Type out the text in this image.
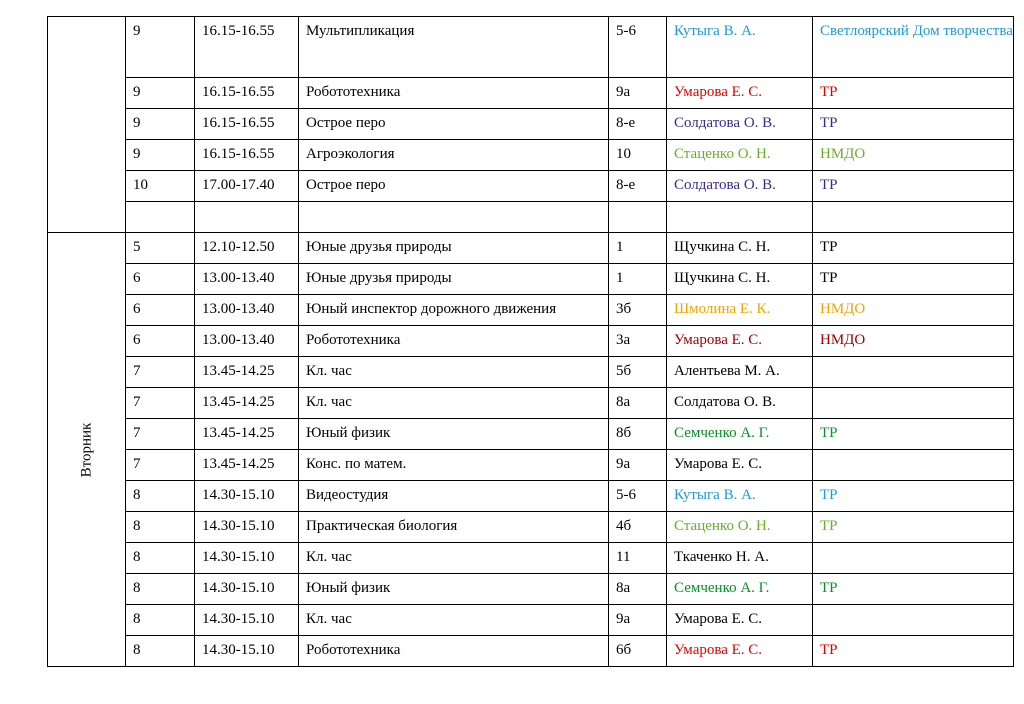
	9	16.15-16.55	Мультипликация	5-6	Кутыга В. А.	Светлоярский Дом творчества
	9	16.15-16.55	Робототехника	9а	Умарова Е. С.	ТР
	9	16.15-16.55	Острое перо	8-е	Солдатова О. В.	ТР
	9	16.15-16.55	Агроэкология	10	Стаценко О. Н.	НМДО
	10	17.00-17.40	Острое перо	8-е	Солдатова О. В.	ТР

Вторник	5	12.10-12.50	Юные друзья природы	1	Щучкина С. Н.	ТР
	6	13.00-13.40	Юные друзья природы	1	Щучкина С. Н.	ТР
	6	13.00-13.40	Юный инспектор дорожного движения	3б	Шмолина Е. К.	НМДО
	6	13.00-13.40	Робототехника	3а	Умарова Е. С.	НМДО
	7	13.45-14.25	Кл. час	5б	Алентьева М. А.	
	7	13.45-14.25	Кл. час	8а	Солдатова О. В.	
	7	13.45-14.25	Юный физик	8б	Семченко А. Г.	ТР
	7	13.45-14.25	Конс. по матем.	9а	Умарова Е. С.	
	8	14.30-15.10	Видеостудия	5-6	Кутыга В. А.	ТР
	8	14.30-15.10	Практическая биология	4б	Стаценко О. Н.	ТР
	8	14.30-15.10	Кл. час	11	Ткаченко Н. А.	
	8	14.30-15.10	Юный физик	8а	Семченко А. Г.	ТР
	8	14.30-15.10	Кл. час	9а	Умарова Е. С.	
	8	14.30-15.10	Робототехника	6б	Умарова Е. С.	ТР
